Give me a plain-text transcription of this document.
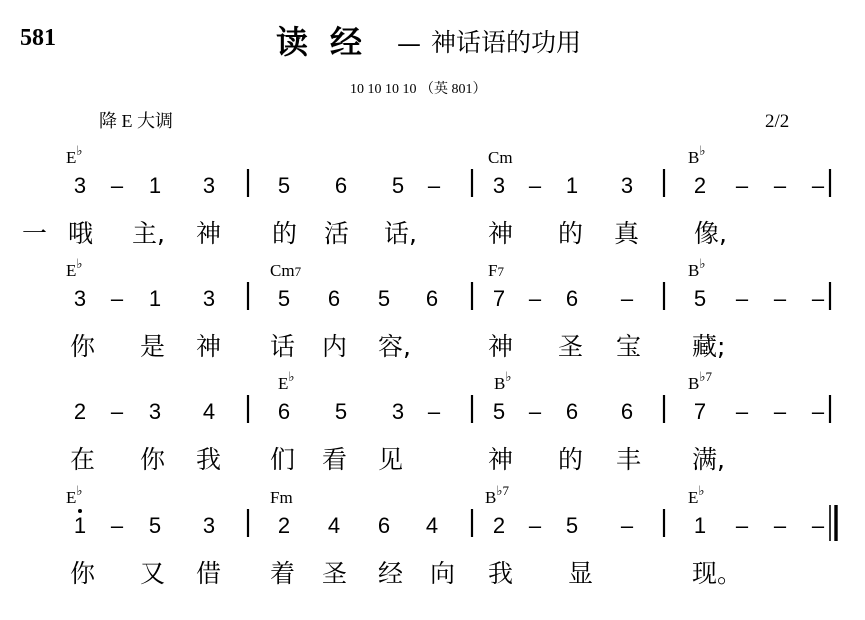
581	读经 — 神话语的功用
10 10 10 10 （英 801）
降 E 大调	2/2
3 – 1 3	5 6 5 – 3 – 1 3	2 – – –
E♭	Cm	B♭
一 哦 主, 神 的 活 话,	神 的 真 像,
3 – 1 3	5 6 5 6 7 – 6 –	5 – – –
E♭	Cm7	F7	B♭
你 是 神 话 内 容,	神 圣 宝 藏;
2 – 3 4	6 5 3 – 5 – 6 6	7 – – –
E♭	B♭	$B^{♭7}$
在 你 我 们 看 见	神 的 丰 满,
1 – 5 3	2 4 6 4 2 – 5 –	1 – – –
E♭	Fm	$B^{♭7}$	E♭
你 又 借 着 圣 经 向 我 显	现。
